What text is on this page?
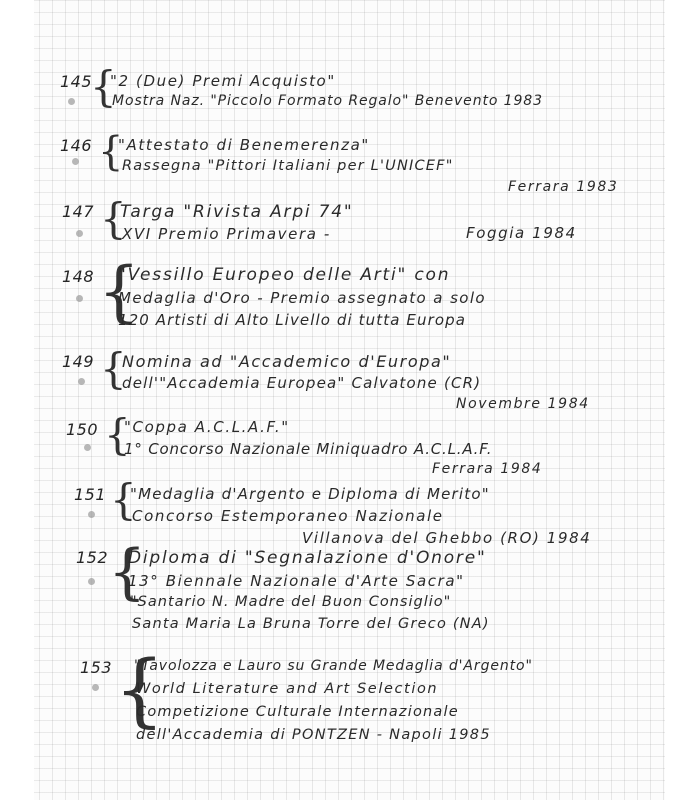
145
{
"2 (Due) Premi Acquisto"
Mostra Naz. "Piccolo Formato Regalo" Benevento 1983
146 {
"Attestato di Benemerenza"
Rassegna "Pittori Italiani per L'UNICEF"
Ferrara 1983
147 {
Targa "Rivista Arpi 74"
XVI Premio Primavera -	Foggia 1984
148 {
"Vessillo Europeo delle Arti" con
Medaglia d'Oro - Premio assegnato a solo
120 Artisti di Alto Livello di tutta Europa
149 {
Nomina ad "Accademico d'Europa"
dell'"Accademia Europea" Calvatone (CR)
Novembre 1984
150 {
"Coppa A.C.L.A.F."
1° Concorso Nazionale Miniquadro A.C.L.A.F.
Ferrara 1984
151 {
"Medaglia d'Argento e Diploma di Merito"
Concorso Estemporaneo Nazionale
Villanova del Ghebbo (RO) 1984
152 {
Diploma di "Segnalazione d'Onore"
13° Biennale Nazionale d'Arte Sacra"
"Santario N. Madre del Buon Consiglio"
Santa Maria La Bruna Torre del Greco (NA)
153 {
"Tavolozza e Lauro su Grande Medaglia d'Argento"
World Literature and Art Selection
Competizione Culturale Internazionale
dell'Accademia di PONTZEN - Napoli 1985
